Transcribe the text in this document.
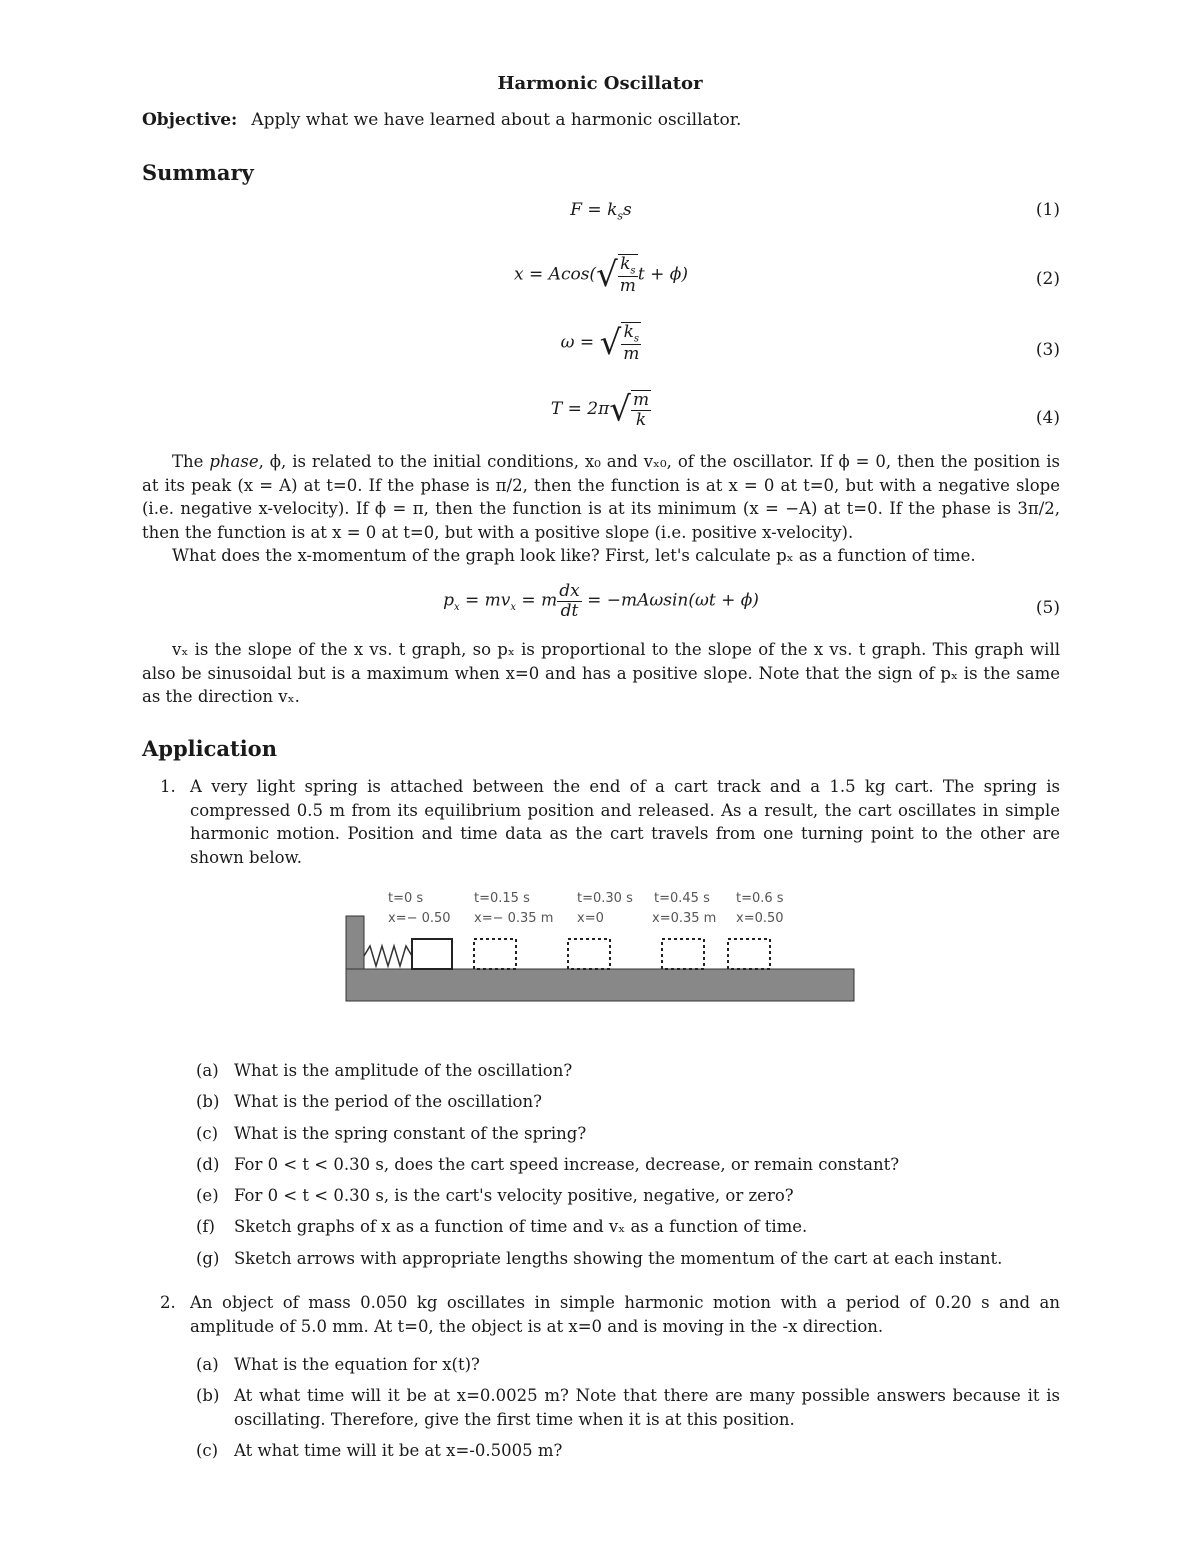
Harmonic Oscillator
Objective: Apply what we have learned about a harmonic oscillator.
Summary
$F = k_ss$	(1)
$x = Acos(√ \frac{k_s}{m}$ t + ϕ)	(2)
ω = √ $\frac{k_s}{m}$	(3)
$T = 2\pi√ \frac{m}{k}$	(4)
The phase, ϕ, is related to the initial conditions, x₀ and vₓ₀, of the oscillator. If ϕ = 0, then the position is at its peak (x = A) at t=0. If the phase is π/2, then the function is at x = 0 at t=0, but with a negative slope (i.e. negative x-velocity). If ϕ = π, then the function is at its minimum (x = −A) at t=0. If the phase is 3π/2, then the function is at x = 0 at t=0, but with a positive slope (i.e. positive x-velocity).
What does the x-momentum of the graph look like? First, let's calculate pₓ as a function of time.
$p_x = mv_x = m \frac{dx}{dt} = -mA\omega\sin(\omega t + \phi)$	(5)
vₓ is the slope of the x vs. t graph, so pₓ is proportional to the slope of the x vs. t graph. This graph will also be sinusoidal but is a maximum when x=0 and has a positive slope. Note that the sign of pₓ is the same as the direction vₓ.
Application
1. A very light spring is attached between the end of a cart track and a 1.5 kg cart. The spring is compressed 0.5 m from its equilibrium position and released. As a result, the cart oscillates in simple harmonic motion. Position and time data as the cart travels from one turning point to the other are shown below.
t=0 s
x=− 0.50
t=0.15 s
x=− 0.35 m
t=0.30 s
x=0
t=0.45 s
x=0.35 m
t=0.6 s
x=0.50
(a) What is the amplitude of the oscillation?
(b) What is the period of the oscillation?
(c) What is the spring constant of the spring?
(d) For 0 < t < 0.30 s, does the cart speed increase, decrease, or remain constant?
(e) For 0 < t < 0.30 s, is the cart's velocity positive, negative, or zero?
(f) Sketch graphs of x as a function of time and vₓ as a function of time.
(g) Sketch arrows with appropriate lengths showing the momentum of the cart at each instant.
2. An object of mass 0.050 kg oscillates in simple harmonic motion with a period of 0.20 s and an amplitude of 5.0 mm. At t=0, the object is at x=0 and is moving in the -x direction.
(a) What is the equation for x(t)?
(b) At what time will it be at x=0.0025 m? Note that there are many possible answers because it is oscillating. Therefore, give the first time when it is at this position.
(c) At what time will it be at x=-0.5005 m?
